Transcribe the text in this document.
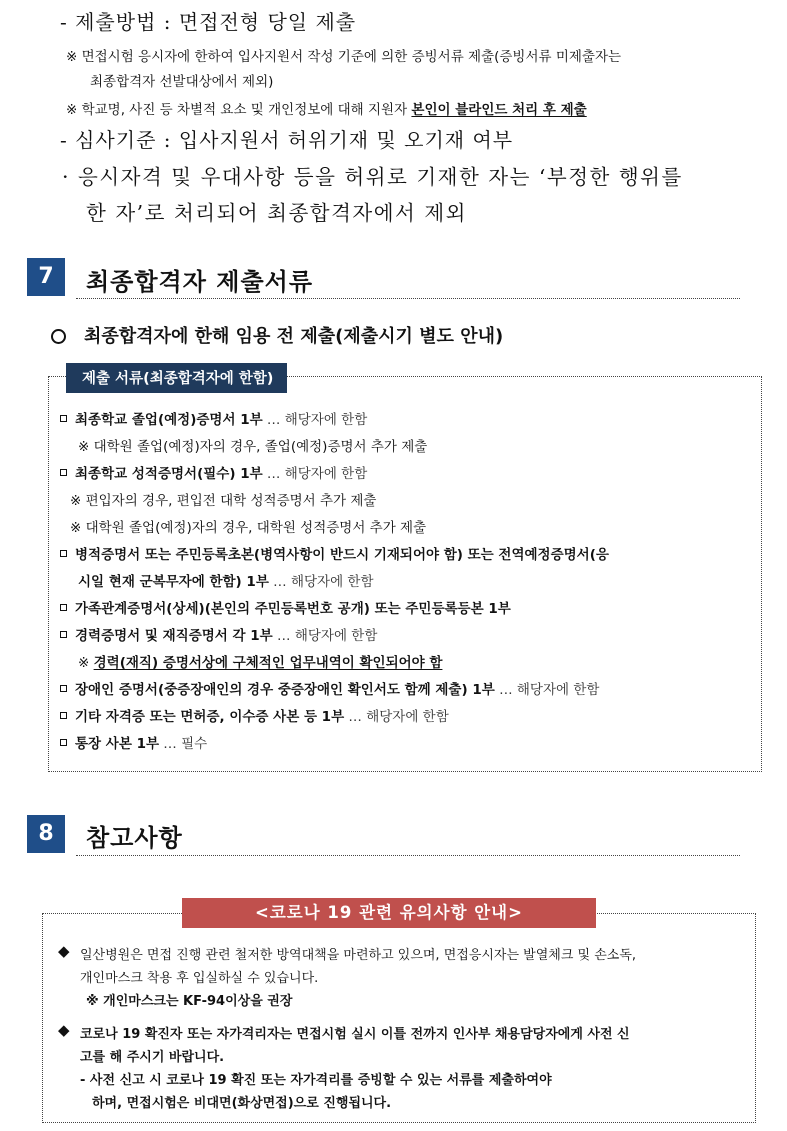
- 제출방법 : 면접전형 당일 제출
※ 면접시험 응시자에 한하여 입사지원서 작성 기준에 의한 증빙서류 제출(증빙서류 미제출자는
최종합격자 선발대상에서 제외)
※ 학교명, 사진 등 차별적 요소 및 개인정보에 대해 지원자 본인이 블라인드 처리 후 제출
- 심사기준 : 입사지원서 허위기재 및 오기재 여부
· 응시자격 및 우대사항 등을 허위로 기재한 자는 ‘부정한 행위를
한 자’로 처리되어 최종합격자에서 제외
7	최종합격자 제출서류
최종합격자에 한해 임용 전 제출(제출시기 별도 안내)
제출 서류(최종합격자에 한함)
최종학교 졸업(예정)증명서 1부 … 해당자에 한함
※ 대학원 졸업(예정)자의 경우, 졸업(예정)증명서 추가 제출
최종학교 성적증명서(필수) 1부 … 해당자에 한함
※ 편입자의 경우, 편입전 대학 성적증명서 추가 제출
※ 대학원 졸업(예정)자의 경우, 대학원 성적증명서 추가 제출
병적증명서 또는 주민등록초본(병역사항이 반드시 기재되어야 함) 또는 전역예정증명서(응
시일 현재 군복무자에 한함) 1부 … 해당자에 한함
가족관계증명서(상세)(본인의 주민등록번호 공개) 또는 주민등록등본 1부
경력증명서 및 재직증명서 각 1부 … 해당자에 한함
※ 경력(재직) 증명서상에 구체적인 업무내역이 확인되어야 함
장애인 증명서(중증장애인의 경우 중증장애인 확인서도 함께 제출) 1부 … 해당자에 한함
기타 자격증 또는 면허증, 이수증 사본 등 1부 … 해당자에 한함
통장 사본 1부 … 필수
8	참고사항
<코로나 19 관련 유의사항 안내>
◆ 일산병원은 면접 진행 관련 철저한 방역대책을 마련하고 있으며, 면접응시자는 발열체크 및 손소독,
개인마스크 착용 후 입실하실 수 있습니다.
※ 개인마스크는 KF-94이상을 권장
◆ 코로나 19 확진자 또는 자가격리자는 면접시험 실시 이틀 전까지 인사부 채용담당자에게 사전 신
고를 해 주시기 바랍니다.
- 사전 신고 시 코로나 19 확진 또는 자가격리를 증빙할 수 있는 서류를 제출하여야
하며, 면접시험은 비대면(화상면접)으로 진행됩니다.
